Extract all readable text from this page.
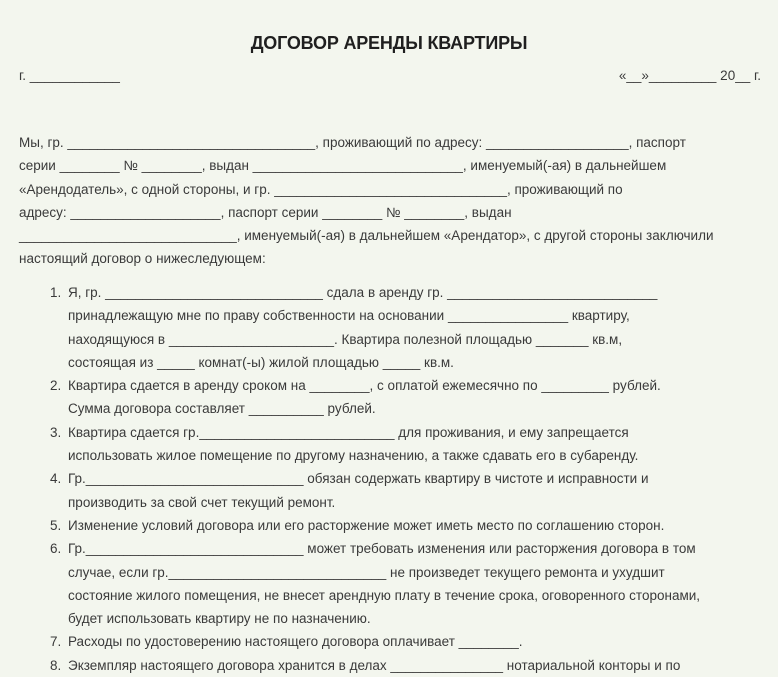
ДОГОВОР АРЕНДЫ КВАРТИРЫ
г. ____________	«__»_________ 20__ г.
Мы, гр. _________________________________, проживающий по адресу: ___________________, паспорт
серии ________ № ________, выдан ____________________________, именуемый(-ая) в дальнейшем
«Арендодатель», с одной стороны, и гр. _______________________________, проживающий по
адресу: ____________________, паспорт серии ________ № ________, выдан
_____________________________, именуемый(-ая) в дальнейшем «Арендатор», с другой стороны заключили
настоящий договор о нижеследующем:
1. Я, гр. _____________________________ сдала в аренду гр. ____________________________
принадлежащую мне по праву собственности на основании ________________ квартиру,
находящуюся в ______________________. Квартира полезной площадью _______ кв.м,
состоящая из _____ комнат(-ы) жилой площадью _____ кв.м.
2. Квартира сдается в аренду сроком на ________, с оплатой ежемесячно по _________ рублей.
Сумма договора составляет __________ рублей.
3. Квартира сдается гр.__________________________ для проживания, и ему запрещается
использовать жилое помещение по другому назначению, а также сдавать его в субаренду.
4. Гр._____________________________ обязан содержать квартиру в чистоте и исправности и
производить за свой счет текущий ремонт.
5. Изменение условий договора или его расторжение может иметь место по соглашению сторон.
6. Гр._____________________________ может требовать изменения или расторжения договора в том
случае, если гр._____________________________ не произведет текущего ремонта и ухудшит
состояние жилого помещения, не внесет арендную плату в течение срока, оговоренного сторонами,
будет использовать квартиру не по назначению.
7. Расходы по удостоверению настоящего договора оплачивает ________.
8. Экземпляр настоящего договора хранится в делах _______________ нотариальной конторы и по
